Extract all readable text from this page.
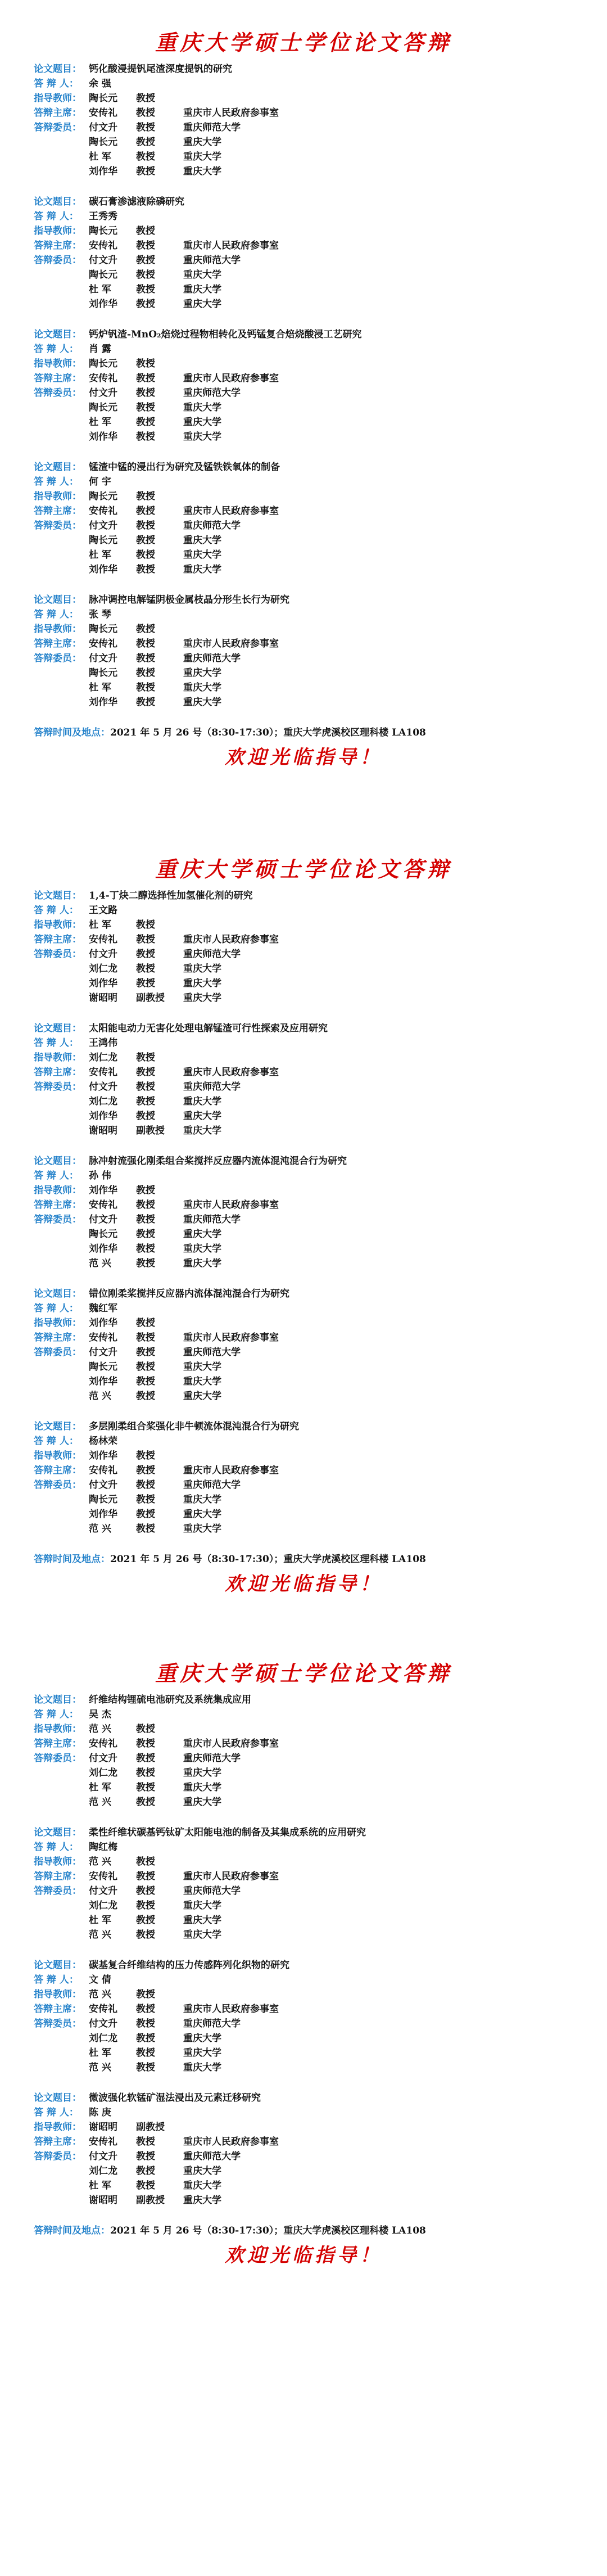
重庆大学硕士学位论文答辩
论文题目： 钙化酸浸提钒尾渣深度提钒的研究
答 辩 人：	余 强
指导教师： 陶长元	教授
答辩主席： 安传礼	教授	重庆市人民政府参事室
答辩委员： 付文升	教授	重庆师范大学
陶长元	教授	重庆大学
杜 军	教授	重庆大学
刘作华	教授	重庆大学
论文题目： 碳石膏渗滤液除磷研究
答 辩 人：	王秀秀
指导教师： 陶长元	教授
答辩主席： 安传礼	教授	重庆市人民政府参事室
答辩委员： 付文升	教授	重庆师范大学
陶长元	教授	重庆大学
杜 军	教授	重庆大学
刘作华	教授	重庆大学
论文题目： 钙炉钒渣-MnO₂焙烧过程物相转化及钙锰复合焙烧酸浸工艺研究
答 辩 人：	肖 露
指导教师： 陶长元	教授
答辩主席： 安传礼	教授	重庆市人民政府参事室
答辩委员： 付文升	教授	重庆师范大学
陶长元	教授	重庆大学
杜 军	教授	重庆大学
刘作华	教授	重庆大学
论文题目： 锰渣中锰的浸出行为研究及锰铁铁氧体的制备
答 辩 人：	何 宇
指导教师： 陶长元	教授
答辩主席： 安传礼	教授	重庆市人民政府参事室
答辩委员： 付文升	教授	重庆师范大学
陶长元	教授	重庆大学
杜 军	教授	重庆大学
刘作华	教授	重庆大学
论文题目： 脉冲调控电解锰阴极金属枝晶分形生长行为研究
答 辩 人：	张 琴
指导教师： 陶长元	教授
答辩主席： 安传礼	教授	重庆市人民政府参事室
答辩委员： 付文升	教授	重庆师范大学
陶长元	教授	重庆大学
杜 军	教授	重庆大学
刘作华	教授	重庆大学
答辩时间及地点：2021 年 5 月 26 号（8:30-17:30）；重庆大学虎溪校区理科楼 LA108
欢迎光临指导！
重庆大学硕士学位论文答辩
论文题目： 1,4-丁炔二醇选择性加氢催化剂的研究
答 辩 人：	王文路
指导教师： 杜 军	教授
答辩主席： 安传礼	教授	重庆市人民政府参事室
答辩委员： 付文升	教授	重庆师范大学
刘仁龙	教授	重庆大学
刘作华	教授	重庆大学
谢昭明	副教授	重庆大学
论文题目： 太阳能电动力无害化处理电解锰渣可行性探索及应用研究
答 辩 人：	王鸿伟
指导教师： 刘仁龙	教授
答辩主席： 安传礼	教授	重庆市人民政府参事室
答辩委员： 付文升	教授	重庆师范大学
刘仁龙	教授	重庆大学
刘作华	教授	重庆大学
谢昭明	副教授	重庆大学
论文题目： 脉冲射流强化刚柔组合桨搅拌反应器内流体混沌混合行为研究
答 辩 人：	孙 伟
指导教师： 刘作华	教授
答辩主席： 安传礼	教授	重庆市人民政府参事室
答辩委员： 付文升	教授	重庆师范大学
陶长元	教授	重庆大学
刘作华	教授	重庆大学
范 兴	教授	重庆大学
论文题目： 错位刚柔桨搅拌反应器内流体混沌混合行为研究
答 辩 人：	魏红军
指导教师： 刘作华	教授
答辩主席： 安传礼	教授	重庆市人民政府参事室
答辩委员： 付文升	教授	重庆师范大学
陶长元	教授	重庆大学
刘作华	教授	重庆大学
范 兴	教授	重庆大学
论文题目： 多层刚柔组合桨强化非牛顿流体混沌混合行为研究
答 辩 人：	杨林荣
指导教师： 刘作华	教授
答辩主席： 安传礼	教授	重庆市人民政府参事室
答辩委员： 付文升	教授	重庆师范大学
陶长元	教授	重庆大学
刘作华	教授	重庆大学
范 兴	教授	重庆大学
答辩时间及地点：2021 年 5 月 26 号（8:30-17:30）；重庆大学虎溪校区理科楼 LA108
欢迎光临指导！
重庆大学硕士学位论文答辩
论文题目： 纤维结构锂硫电池研究及系统集成应用
答 辩 人：	吴 杰
指导教师： 范 兴	教授
答辩主席： 安传礼	教授	重庆市人民政府参事室
答辩委员： 付文升	教授	重庆师范大学
刘仁龙	教授	重庆大学
杜 军	教授	重庆大学
范 兴	教授	重庆大学
论文题目： 柔性纤维状碳基钙钛矿太阳能电池的制备及其集成系统的应用研究
答 辩 人：	陶红梅
指导教师： 范 兴	教授
答辩主席： 安传礼	教授	重庆市人民政府参事室
答辩委员： 付文升	教授	重庆师范大学
刘仁龙	教授	重庆大学
杜 军	教授	重庆大学
范 兴	教授	重庆大学
论文题目： 碳基复合纤维结构的压力传感阵列化织物的研究
答 辩 人：	文 倩
指导教师： 范 兴	教授
答辩主席： 安传礼	教授	重庆市人民政府参事室
答辩委员： 付文升	教授	重庆师范大学
刘仁龙	教授	重庆大学
杜 军	教授	重庆大学
范 兴	教授	重庆大学
论文题目： 微波强化软锰矿湿法浸出及元素迁移研究
答 辩 人：	陈 庚
指导教师： 谢昭明	副教授
答辩主席： 安传礼	教授	重庆市人民政府参事室
答辩委员： 付文升	教授	重庆师范大学
刘仁龙	教授	重庆大学
杜 军	教授	重庆大学
谢昭明	副教授	重庆大学
答辩时间及地点：2021 年 5 月 26 号（8:30-17:30）；重庆大学虎溪校区理科楼 LA108
欢迎光临指导！
